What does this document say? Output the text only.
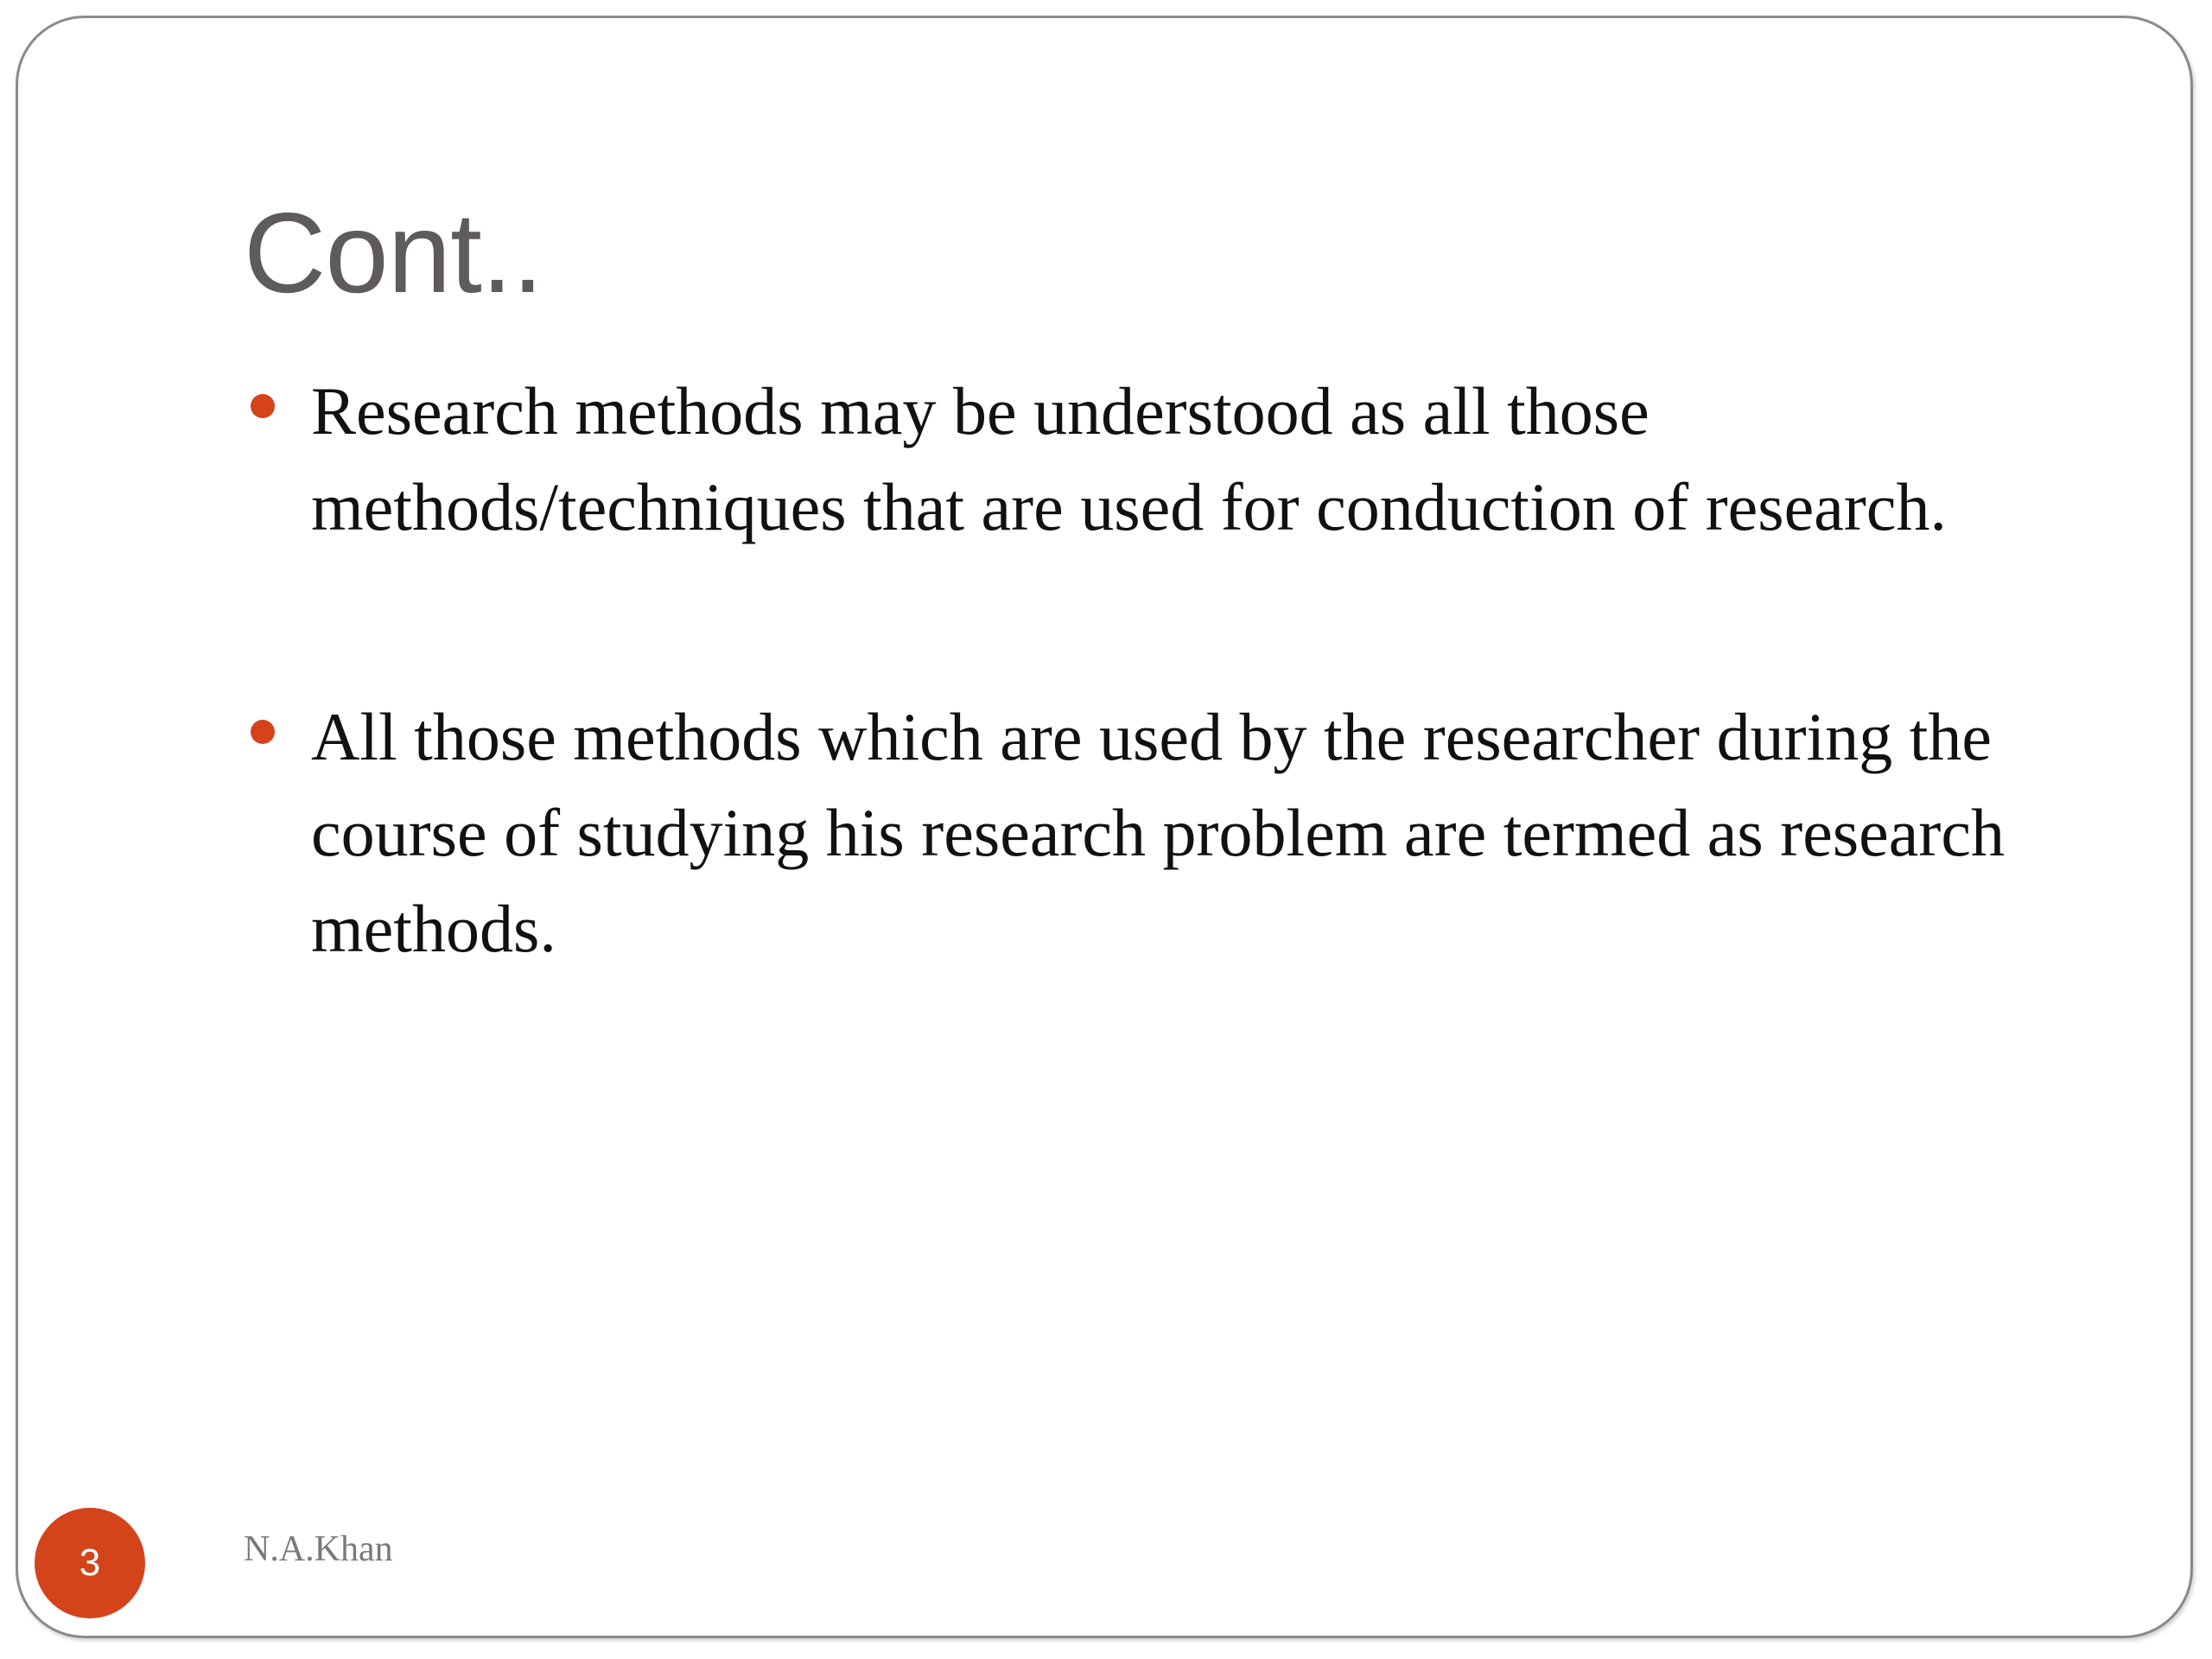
Cont..
Research methods may be understood as all those methods/techniques that are used for conduction of research.
All those methods which are used by the researcher during the course of studying his research problem are termed as research methods.
3	N.A.Khan
